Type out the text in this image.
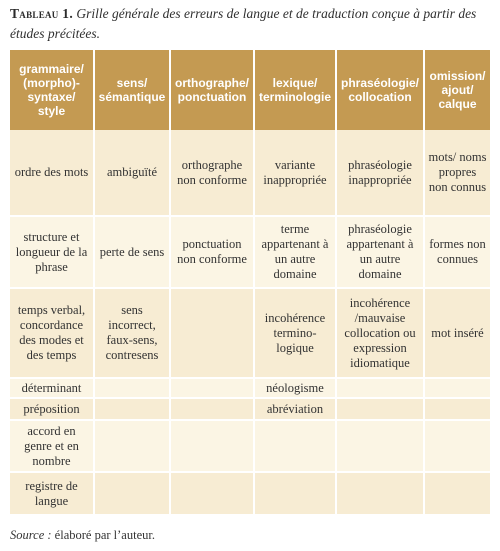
Tableau 1. Grille générale des erreurs de langue et de traduction conçue à partir des études précitées.
grammaire/ (morpho)- syntaxe/ style	sens/ sémantique	orthographe/ ponctuation	lexique/ terminologie	phraséologie/ collocation	omission/ ajout/ calque
ordre des mots	ambiguïté	orthographe non conforme	variante inappropriée	phraséologie inappropriée	mots/ noms propres non connus
structure et longueur de la phrase	perte de sens	ponctuation non conforme	terme appartenant à un autre domaine	phraséologie appartenant à un autre domaine	formes non connues
temps verbal, concordance des modes et des temps	sens incorrect, faux-sens, contresens		incohérence termino- logique	incohérence /mauvaise collocation ou expression idiomatique	mot inséré
déterminant			néologisme		
préposition			abréviation		
accord en genre et en nombre					
registre de langue					
Source : élaboré par l’auteur.
